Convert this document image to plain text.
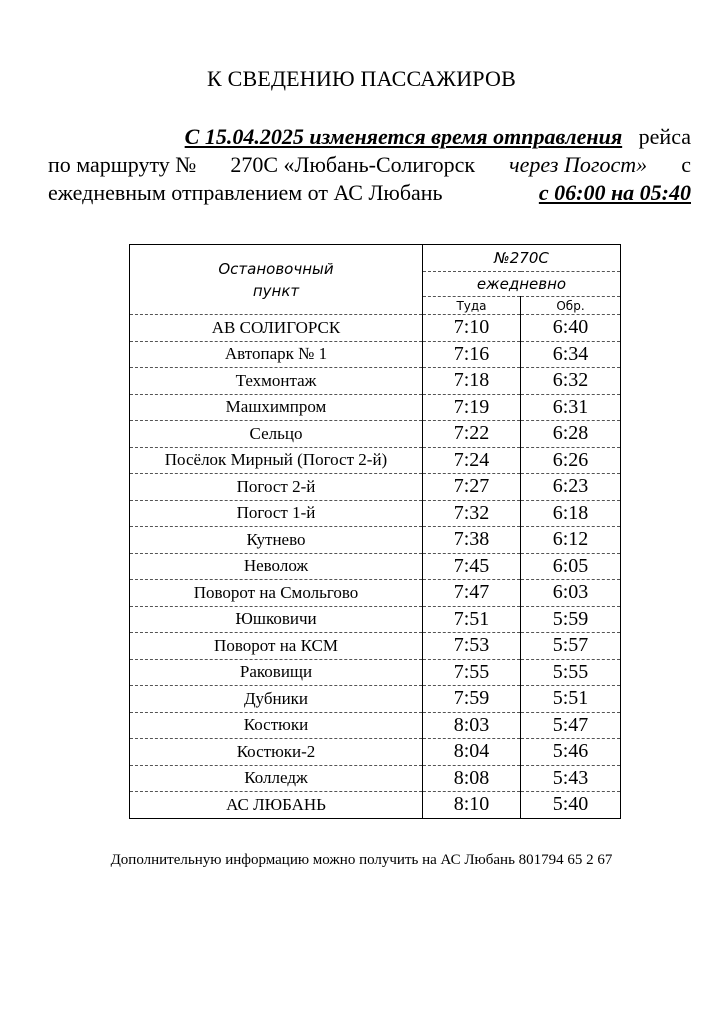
К СВЕДЕНИЮ ПАССАЖИРОВ
С 15.04.2025 изменяется время отправления
рейса
по маршруту № 270С «Любань-Солигорск через Погост» с
ежедневным отправлением от АС Любань	с 06:00 на 05:40
Остановочный пункт	№270С	
	ежедневно	
	Туда	Обр.
АВ СОЛИГОРСК	7:10	6:40
Автопарк № 1	7:16	6:34
Техмонтаж	7:18	6:32
Машхимпром	7:19	6:31
Сельцо	7:22	6:28
Посёлок Мирный (Погост 2-й)	7:24	6:26
Погост 2-й	7:27	6:23
Погост 1-й	7:32	6:18
Кутнево	7:38	6:12
Неволож	7:45	6:05
Поворот на Смольгово	7:47	6:03
Юшковичи	7:51	5:59
Поворот на КСМ	7:53	5:57
Раковищи	7:55	5:55
Дубники	7:59	5:51
Костюки	8:03	5:47
Костюки-2	8:04	5:46
Колледж	8:08	5:43
АС ЛЮБАНЬ	8:10	5:40
Дополнительную информацию можно получить на АС Любань 801794 65 2 67
